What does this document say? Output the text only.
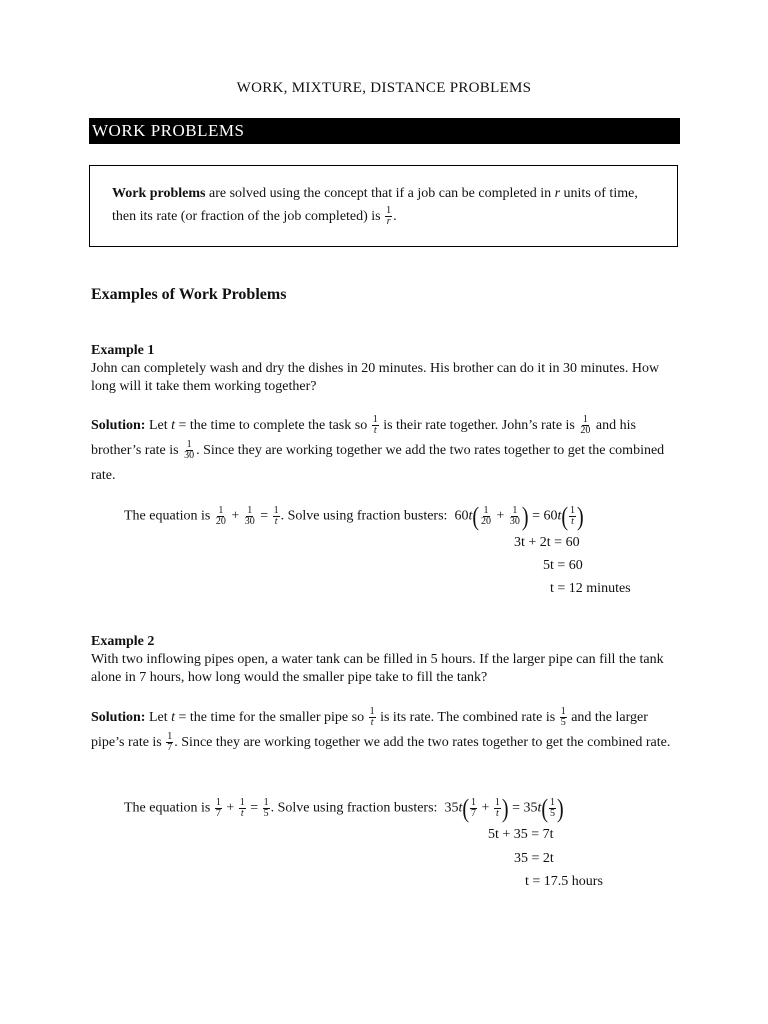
WORK, MIXTURE, DISTANCE PROBLEMS
WORK PROBLEMS
Work problems are solved using the concept that if a job can be completed in r units of time, then its rate (or fraction of the job completed) is $\frac{1}{r}$ .
Examples of Work Problems
Example 1
John can completely wash and dry the dishes in 20 minutes. His brother can do it in 30 minutes. How long will it take them working together?
Solution: Let t = the time to complete the task so $\frac{1}{t}$ is their rate together. John’s rate is $\frac{1}{20}$ and his brother’s rate is $\frac{1}{30}$ . Since they are working together we add the two rates together to get the combined rate.
The equation is $\frac{1}{20} + \frac{1}{30} = \frac{1}{t}$ . Solve using fraction busters:  $60t( \frac{1}{20} + \frac{1}{30}$ ) = $60t( \frac{1}{t}$ )
3t + 2t = 60
5t = 60
t = 12 minutes
Example 2
With two inflowing pipes open, a water tank can be filled in 5 hours. If the larger pipe can fill the tank alone in 7 hours, how long would the smaller pipe take to fill the tank?
Solution: Let t = the time for the smaller pipe so $\frac{1}{t}$ is its rate. The combined rate is $\frac{1}{5}$ and the larger pipe’s rate is $\frac{1}{7}$ . Since they are working together we add the two rates together to get the combined rate.
The equation is $\frac{1}{7} + \frac{1}{t} = \frac{1}{5}$ . Solve using fraction busters:  $35t( \frac{1}{7} + \frac{1}{t}$ ) = $35t( \frac{1}{5}$ )
5t + 35 = 7t
35 = 2t
t = 17.5 hours
